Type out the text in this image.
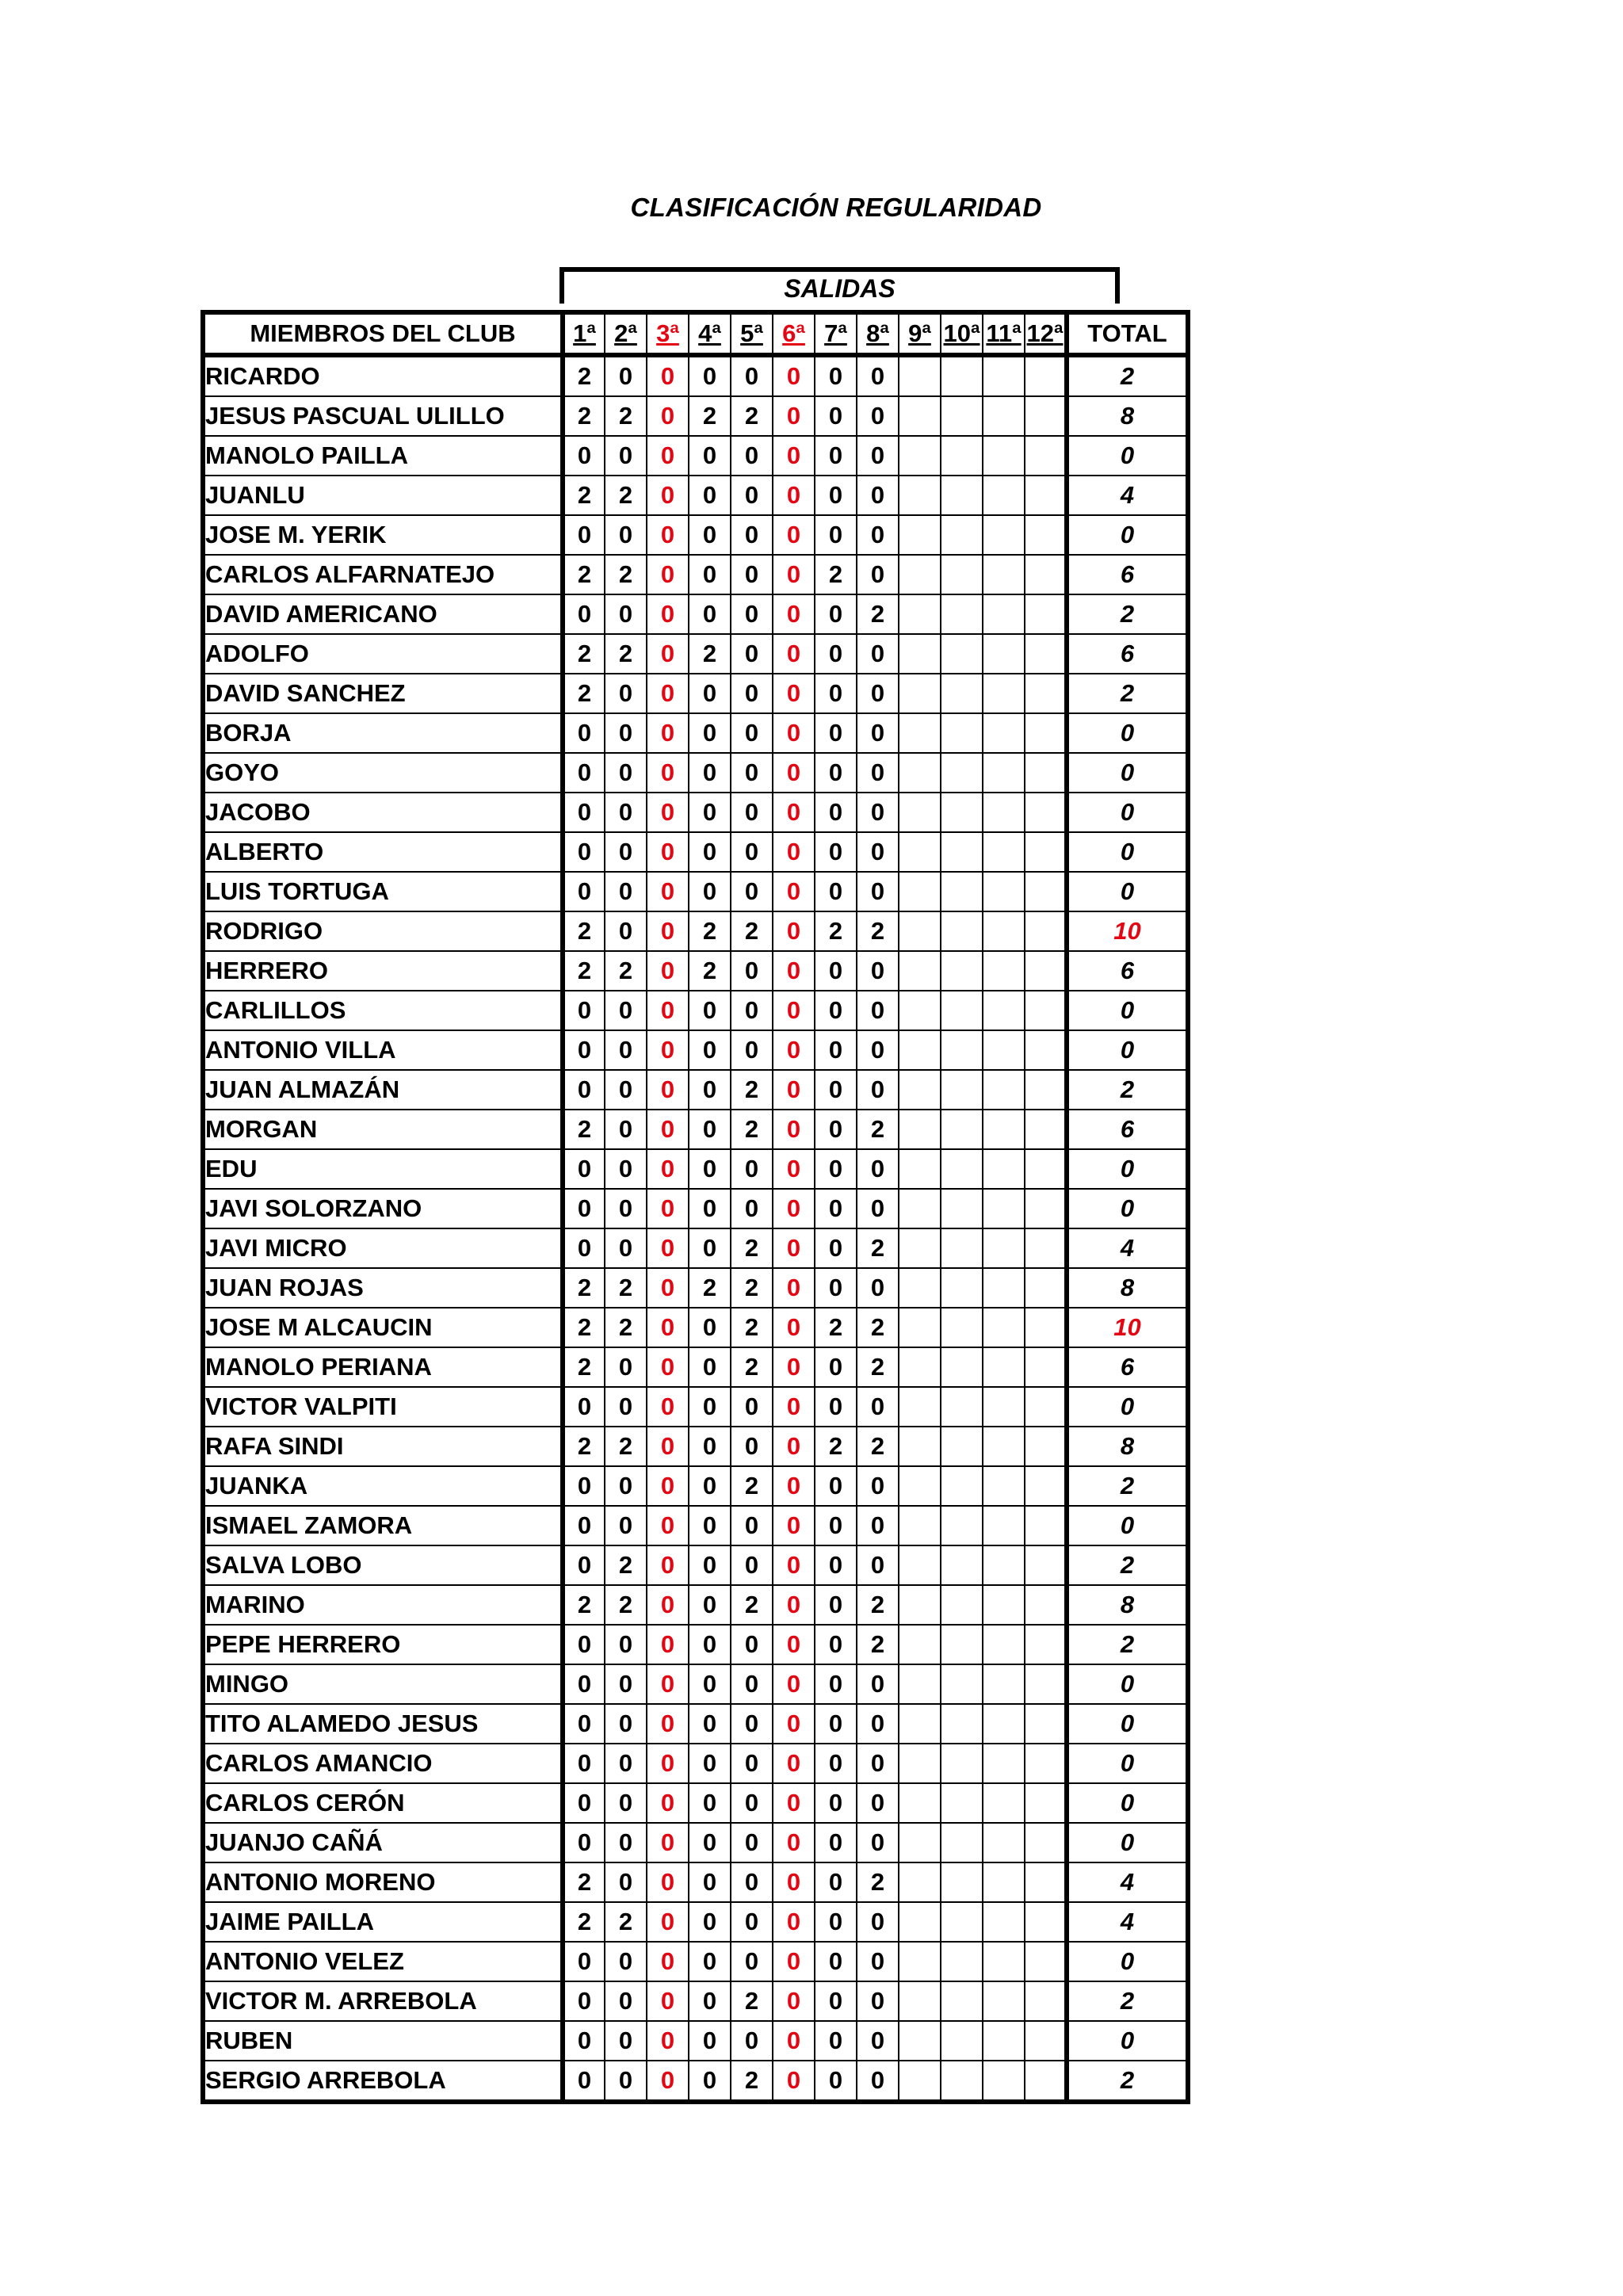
CLASIFICACIÓN REGULARIDAD
SALIDAS
MIEMBROS DEL CLUB	1ª	2ª	3ª	4ª	5ª	6ª	7ª	8ª	9ª	10ª	11ª	12ª	TOTAL
RICARDO	2	0	0	0	0	0	0	0					2
JESUS PASCUAL ULILLO	2	2	0	2	2	0	0	0					8
MANOLO PAILLA	0	0	0	0	0	0	0	0					0
JUANLU	2	2	0	0	0	0	0	0					4
JOSE M. YERIK	0	0	0	0	0	0	0	0					0
CARLOS ALFARNATEJO	2	2	0	0	0	0	2	0					6
DAVID AMERICANO	0	0	0	0	0	0	0	2					2
ADOLFO	2	2	0	2	0	0	0	0					6
DAVID SANCHEZ	2	0	0	0	0	0	0	0					2
BORJA	0	0	0	0	0	0	0	0					0
GOYO	0	0	0	0	0	0	0	0					0
JACOBO	0	0	0	0	0	0	0	0					0
ALBERTO	0	0	0	0	0	0	0	0					0
LUIS TORTUGA	0	0	0	0	0	0	0	0					0
RODRIGO	2	0	0	2	2	0	2	2					10
HERRERO	2	2	0	2	0	0	0	0					6
CARLILLOS	0	0	0	0	0	0	0	0					0
ANTONIO VILLA	0	0	0	0	0	0	0	0					0
JUAN ALMAZÁN	0	0	0	0	2	0	0	0					2
MORGAN	2	0	0	0	2	0	0	2					6
EDU	0	0	0	0	0	0	0	0					0
JAVI SOLORZANO	0	0	0	0	0	0	0	0					0
JAVI MICRO	0	0	0	0	2	0	0	2					4
JUAN ROJAS	2	2	0	2	2	0	0	0					8
JOSE M ALCAUCIN	2	2	0	0	2	0	2	2					10
MANOLO PERIANA	2	0	0	0	2	0	0	2					6
VICTOR VALPITI	0	0	0	0	0	0	0	0					0
RAFA SINDI	2	2	0	0	0	0	2	2					8
JUANKA	0	0	0	0	2	0	0	0					2
ISMAEL ZAMORA	0	0	0	0	0	0	0	0					0
SALVA LOBO	0	2	0	0	0	0	0	0					2
MARINO	2	2	0	0	2	0	0	2					8
PEPE HERRERO	0	0	0	0	0	0	0	2					2
MINGO	0	0	0	0	0	0	0	0					0
TITO ALAMEDO JESUS	0	0	0	0	0	0	0	0					0
CARLOS AMANCIO	0	0	0	0	0	0	0	0					0
CARLOS CERÓN	0	0	0	0	0	0	0	0					0
JUANJO CAÑÁ	0	0	0	0	0	0	0	0					0
ANTONIO MORENO	2	0	0	0	0	0	0	2					4
JAIME PAILLA	2	2	0	0	0	0	0	0					4
ANTONIO VELEZ	0	0	0	0	0	0	0	0					0
VICTOR M. ARREBOLA	0	0	0	0	2	0	0	0					2
RUBEN	0	0	0	0	0	0	0	0					0
SERGIO ARREBOLA	0	0	0	0	2	0	0	0					2
